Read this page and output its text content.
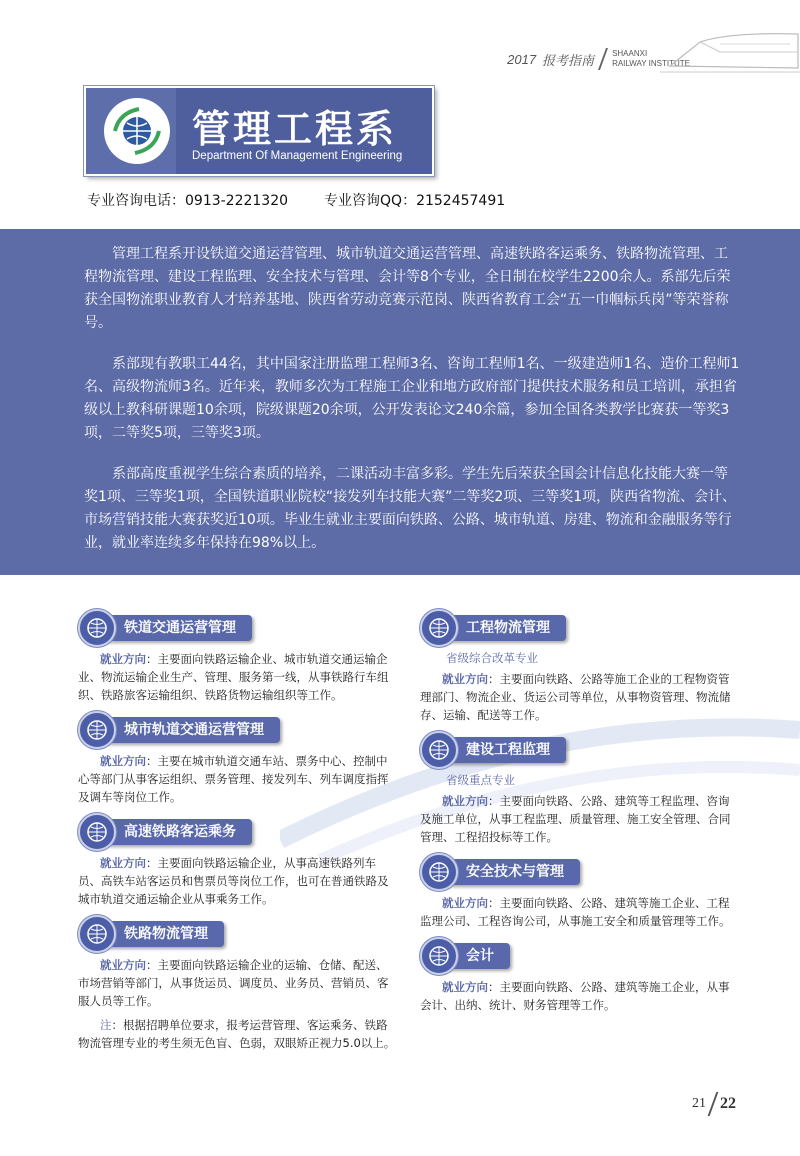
2017 报考指南 SHAANXI
RAILWAY INSTITUTE
管理工程系
Department Of Management Engineering
专业咨询电话：0913-2221320	专业咨询QQ：2152457491

管理工程系开设铁道交通运营管理、城市轨道交通运营管理、高速铁路客运乘务、铁路物流管理、工程物流管理、建设工程监理、安全技术与管理、会计等8个专业，全日制在校学生2200余人。系部先后荣获全国物流职业教育人才培养基地、陕西省劳动竞赛示范岗、陕西省教育工会“五一巾帼标兵岗”等荣誉称号。

系部现有教职工44名，其中国家注册监理工程师3名、咨询工程师1名、一级建造师1名、造价工程师1名、高级物流师3名。近年来，教师多次为工程施工企业和地方政府部门提供技术服务和员工培训，承担省级以上教科研课题10余项，院级课题20余项，公开发表论文240余篇，参加全国各类教学比赛获一等奖3项，二等奖5项，三等奖3项。

系部高度重视学生综合素质的培养，二课活动丰富多彩。学生先后荣获全国会计信息化技能大赛一等奖1项、三等奖1项，全国铁道职业院校“接发列车技能大赛”二等奖2项、三等奖1项，陕西省物流、会计、市场营销技能大赛获奖近10项。毕业生就业主要面向铁路、公路、城市轨道、房建、物流和金融服务等行业，就业率连续多年保持在98%以上。

铁道交通运营管理

就业方向：主要面向铁路运输企业、城市轨道交通运输企业、物流运输企业生产、管理、服务第一线，从事铁路行车组织、铁路旅客运输组织、铁路货物运输组织等工作。

城市轨道交通运营管理

就业方向：主要在城市轨道交通车站、票务中心、控制中心等部门从事客运组织、票务管理、接发列车、列车调度指挥及调车等岗位工作。

高速铁路客运乘务

就业方向：主要面向铁路运输企业，从事高速铁路列车员、高铁车站客运员和售票员等岗位工作，也可在普通铁路及城市轨道交通运输企业从事乘务工作。

铁路物流管理

就业方向：主要面向铁路运输企业的运输、仓储、配送、市场营销等部门，从事货运员、调度员、业务员、营销员、客服人员等工作。

注：根据招聘单位要求，报考运营管理、客运乘务、铁路物流管理专业的考生须无色盲、色弱，双眼矫正视力5.0以上。

工程物流管理
省级综合改革专业

就业方向：主要面向铁路、公路等施工企业的工程物资管理部门、物流企业、货运公司等单位，从事物资管理、物流储存、运输、配送等工作。

建设工程监理
省级重点专业

就业方向：主要面向铁路、公路、建筑等工程监理、咨询及施工单位，从事工程监理、质量管理、施工安全管理、合同管理、工程招投标等工作。

安全技术与管理

就业方向：主要面向铁路、公路、建筑等施工企业、工程监理公司、工程咨询公司，从事施工安全和质量管理等工作。

会计

就业方向：主要面向铁路、公路、建筑等施工企业，从事会计、出纳、统计、财务管理等工作。

21 22
